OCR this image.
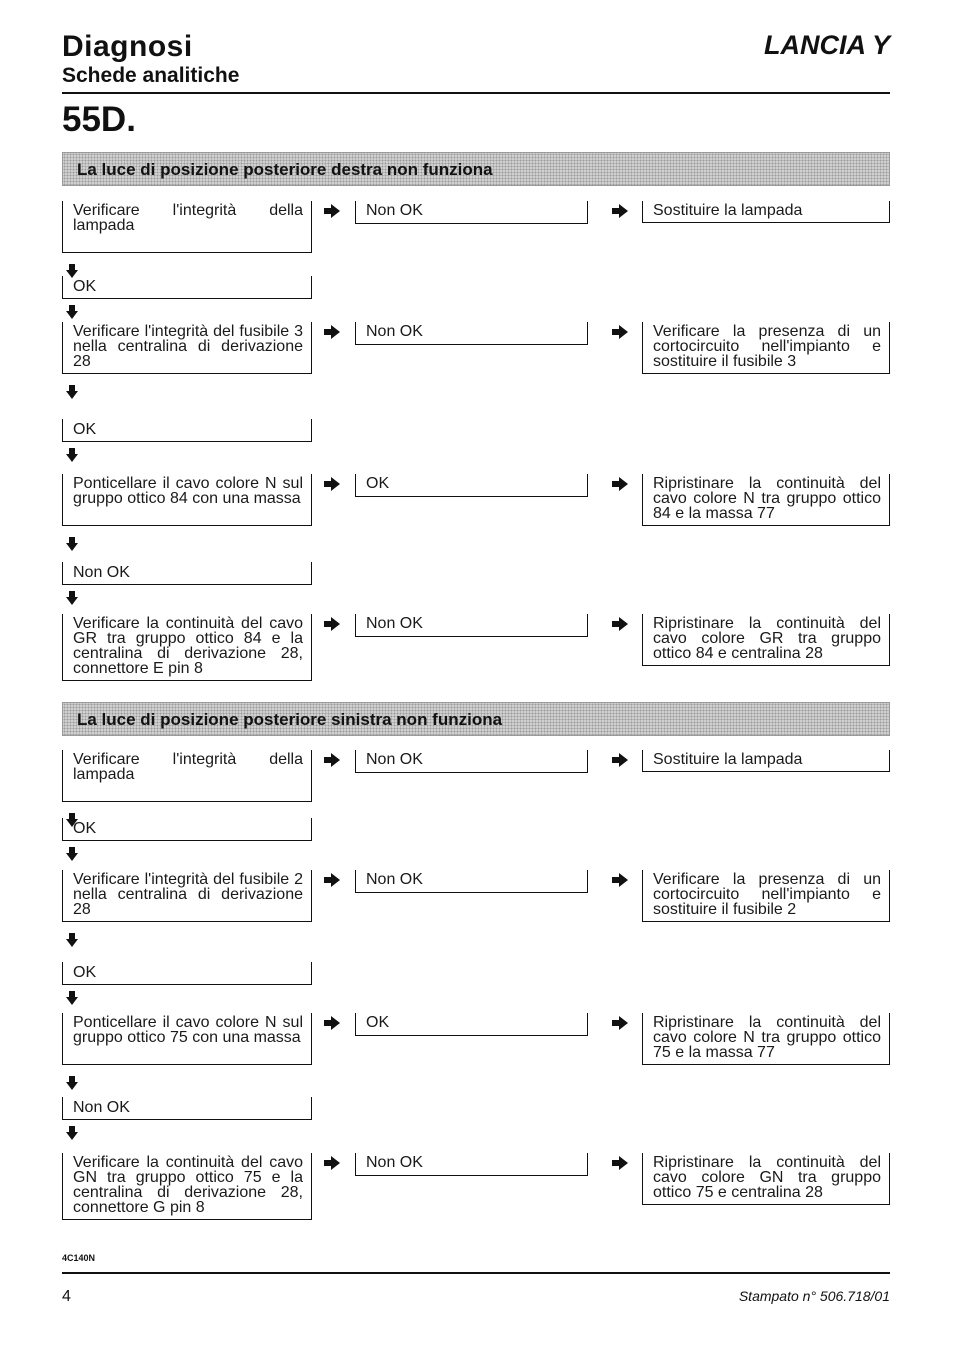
Diagnosi
Schede analitiche
LANCIA Y
55D.
La luce di posizione posteriore destra non funziona
Verificare l'integrità della lampada
Non OK	Sostituire la lampada
OK
Verificare l'integrità del fusibile 3 nella centralina di derivazione 28
Non OK	Verificare la presenza di un cortocircuito nell'impianto e sostituire il fusibile 3
OK
Ponticellare il cavo colore N sul gruppo ottico 84 con una massa
OK	Ripristinare la continuità del cavo colore N tra gruppo ottico 84 e la massa 77
Non OK
Verificare la continuità del cavo GR tra gruppo ottico 84 e la centralina di derivazione 28, connettore E pin 8
Non OK	Ripristinare la continuità del cavo colore GR tra gruppo ottico 84 e centralina 28
La luce di posizione posteriore sinistra non funziona
Verificare l'integrità della lampada
Non OK	Sostituire la lampada
OK
Verificare l'integrità del fusibile 2 nella centralina di derivazione 28
Non OK	Verificare la presenza di un cortocircuito nell'impianto e sostituire il fusibile 2
OK
Ponticellare il cavo colore N sul gruppo ottico 75 con una massa
OK	Ripristinare la continuità del cavo colore N tra gruppo ottico 75 e la massa 77
Non OK
Verificare la continuità del cavo GN tra gruppo ottico 75 e la centralina di derivazione 28, connettore G pin 8
Non OK	Ripristinare la continuità del cavo colore GN tra gruppo ottico 75 e centralina 28
4C140N
4	Stampato n° 506.718/01
